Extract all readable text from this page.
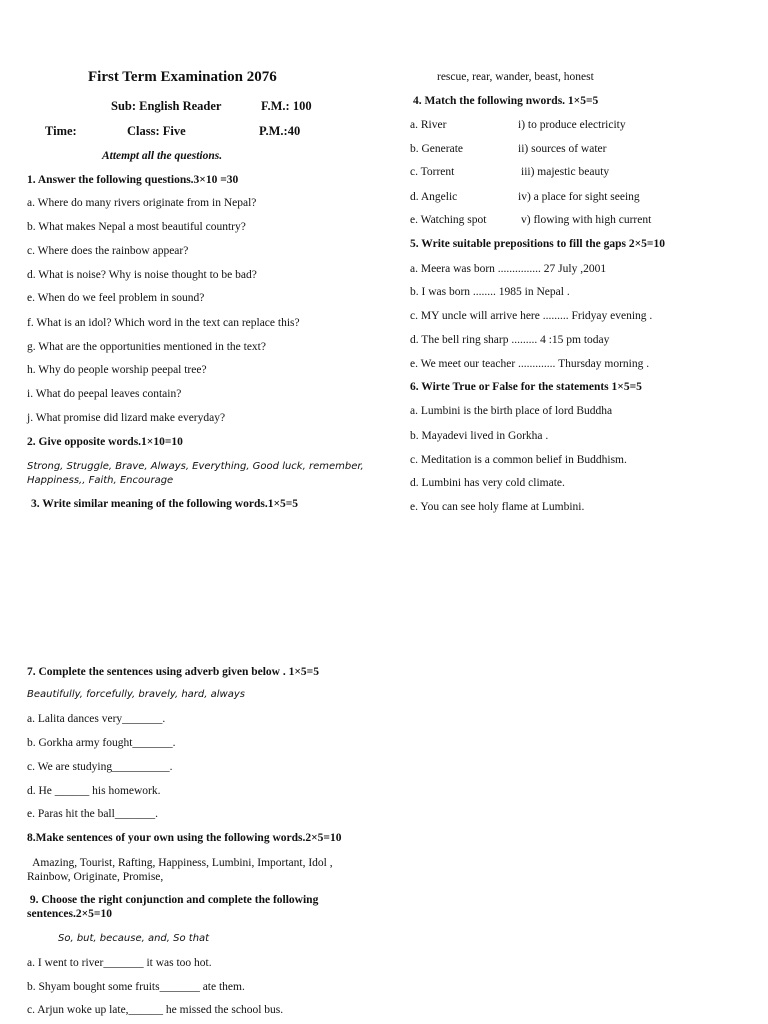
First Term Examination 2076
Sub: English Reader	F.M.: 100
Time:	Class: Five	P.M.:40
Attempt all the questions.
1. Answer the following questions.3×10 =30
a. Where do many rivers originate from in Nepal?
b. What makes Nepal a most beautiful country?
c. Where does the rainbow appear?
d. What is noise? Why is noise thought to be bad?
e. When do we feel problem in sound?
f. What is an idol? Which word in the text can replace this?
g. What are the opportunities mentioned in the text?
h. Why do people worship peepal tree?
i. What do peepal leaves contain?
j. What promise did lizard make everyday?
2. Give opposite words.1×10=10
Strong, Struggle, Brave, Always, Everything, Good luck, remember,
Happiness,, Faith, Encourage
3. Write similar meaning of the following words.1×5=5
rescue, rear, wander, beast, honest
4. Match the following nwords. 1×5=5
a. River	i) to produce electricity
b. Generate	ii) sources of water
c. Torrent	iii) majestic beauty
d. Angelic	iv) a place for sight seeing
e. Watching spot	v) flowing with high current
5. Write suitable prepositions to fill the gaps 2×5=10
a. Meera was born ............... 27 July ,2001
b. I was born ........ 1985 in Nepal .
c. MY uncle will arrive here ......... Fridyay evening .
d. The bell ring sharp ......... 4 :15 pm today
e. We meet our teacher ............. Thursday morning .
6. Wirte True or False for the statements 1×5=5
a. Lumbini is the birth place of lord Buddha
b. Mayadevi lived in Gorkha .
c. Meditation is a common belief in Buddhism.
d. Lumbini has very cold climate.
e. You can see holy flame at Lumbini.
7. Complete the sentences using adverb given below . 1×5=5
Beautifully, forcefully, bravely, hard, always
a. Lalita dances very_______.
b. Gorkha army fought_______.
c. We are studying__________.
d. He ______ his homework.
e. Paras hit the ball_______.
8.Make sentences of your own using the following words.2×5=10
Amazing, Tourist, Rafting, Happiness, Lumbini, Important, Idol ,
Rainbow, Originate, Promise,
9. Choose the right conjunction and complete the following
sentences.2×5=10
So, but, because, and, So that
a. I went to river_______ it was too hot.
b. Shyam bought some fruits_______ ate them.
c. Arjun woke up late,______ he missed the school bus.
